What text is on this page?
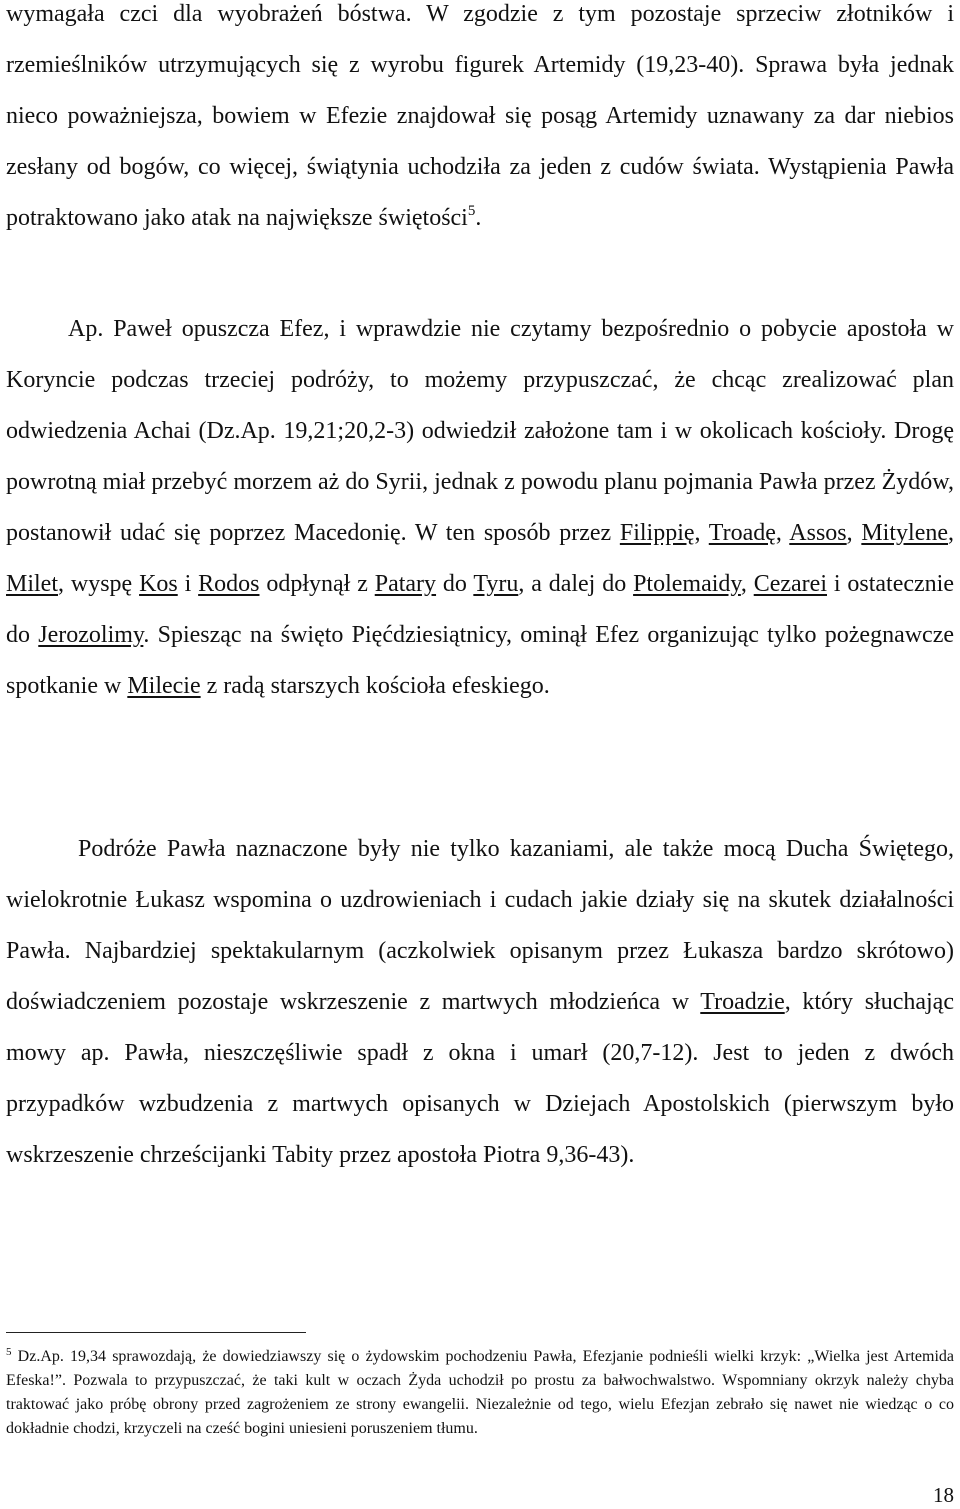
wymagała czci dla wyobrażeń bóstwa. W zgodzie z tym pozostaje sprzeciw złotników i rzemieślników utrzymujących się z wyrobu figurek Artemidy (19,23-40). Sprawa była jednak nieco poważniejsza, bowiem w Efezie znajdował się posąg Artemidy uznawany za dar niebios zesłany od bogów, co więcej, świątynia uchodziła za jeden z cudów świata. Wystąpienia Pawła potraktowano jako atak na największe świętości$^5$.

Ap. Paweł opuszcza Efez, i wprawdzie nie czytamy bezpośrednio o pobycie apostoła w Koryncie podczas trzeciej podróży, to możemy przypuszczać, że chcąc zrealizować plan odwiedzenia Achai (Dz.Ap. 19,21;20,2-3) odwiedził założone tam i w okolicach kościoły. Drogę powrotną miał przebyć morzem aż do Syrii, jednak z powodu planu pojmania Pawła przez Żydów, postanowił udać się poprzez Macedonię. W ten sposób przez Filippię, Troadę, Assos, Mitylene, Milet, wyspę Kos i Rodos odpłynął z Patary do Tyru, a dalej do Ptolemaidy, Cezarei i ostatecznie do Jerozolimy. Spiesząc na święto Pięćdziesiątnicy, ominął Efez organizując tylko pożegnawcze spotkanie w Milecie z radą starszych kościoła efeskiego.

Podróże Pawła naznaczone były nie tylko kazaniami, ale także mocą Ducha Świętego, wielokrotnie Łukasz wspomina o uzdrowieniach i cudach jakie działy się na skutek działalności Pawła. Najbardziej spektakularnym (aczkolwiek opisanym przez Łukasza bardzo skrótowo) doświadczeniem pozostaje wskrzeszenie z martwych młodzieńca w Troadzie, który słuchając mowy ap. Pawła, nieszczęśliwie spadł z okna i umarł (20,7-12). Jest to jeden z dwóch przypadków wzbudzenia z martwych opisanych w Dziejach Apostolskich (pierwszym było wskrzeszenie chrześcijanki Tabity przez apostoła Piotra 9,36-43).

$^5$ Dz.Ap. 19,34 sprawozdają, że dowiedziawszy się o żydowskim pochodzeniu Pawła, Efezjanie podnieśli wielki krzyk: „Wielka jest Artemida Efeska!”. Pozwala to przypuszczać, że taki kult w oczach Żyda uchodził po prostu za bałwochwalstwo. Wspomniany okrzyk należy chyba traktować jako próbę obrony przed zagrożeniem ze strony ewangelii. Niezależnie od tego, wielu Efezjan zebrało się nawet nie wiedząc o co dokładnie chodzi, krzyczeli na cześć bogini uniesieni poruszeniem tłumu.

18
